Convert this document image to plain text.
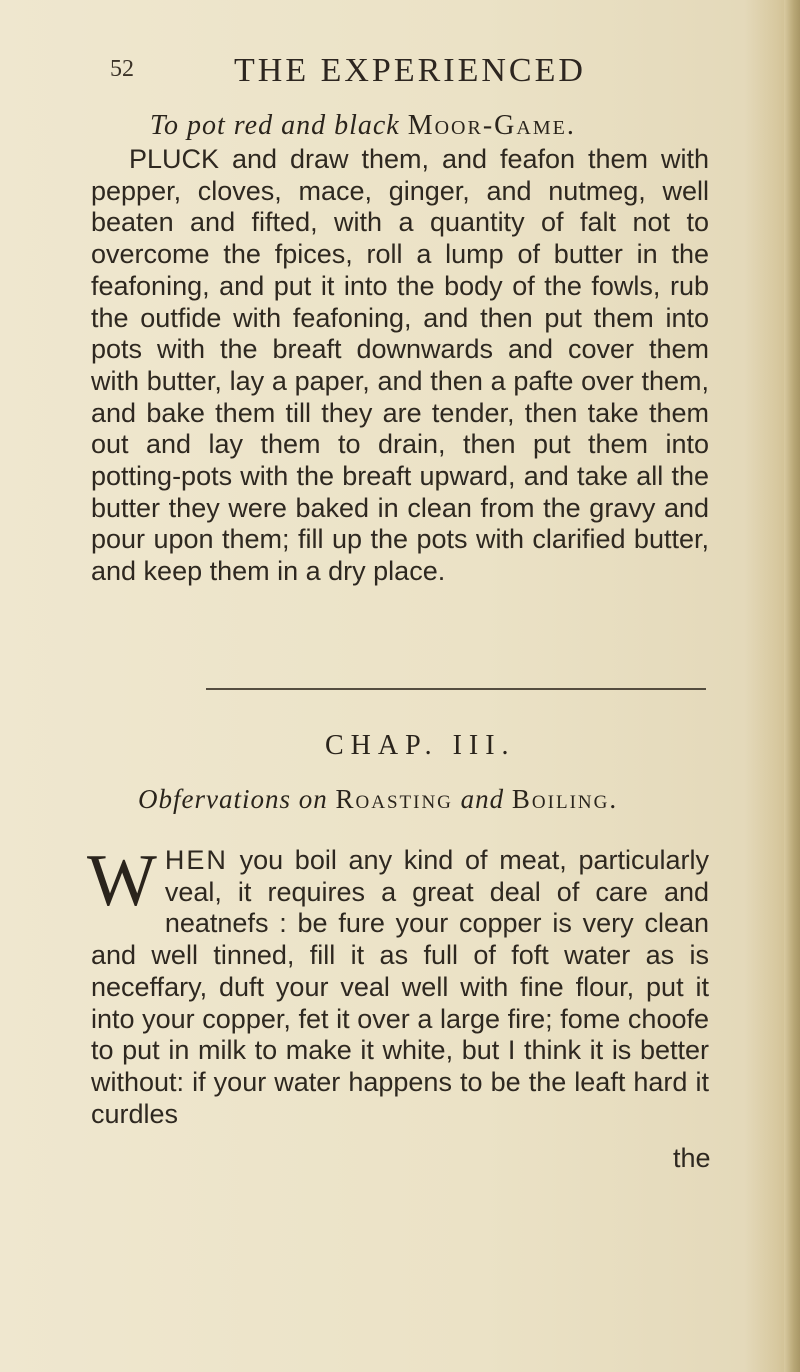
52	THE EXPERIENCED
To pot red and black Moor-Game.
PLUCK and draw them, and feafon them with pepper, cloves, mace, ginger, and nutmeg, well beaten and fifted, with a quantity of falt not to overcome the fpices, roll a lump of butter in the feafoning, and put it into the body of the fowls, rub the outfide with feafoning, and then put them into pots with the breaft downwards and cover them with butter, lay a paper, and then a pafte over them, and bake them till they are tender, then take them out and lay them to drain, then put them into potting-pots with the breaft upward, and take all the butter they were baked in clean from the gravy and pour upon them; fill up the pots with clarified butter, and keep them in a dry place.
CHAP. III.
Obfervations on Roasting and Boiling.
WHEN you boil any kind of meat, particularly veal, it requires a great deal of care and neatnefs : be fure your copper is very clean and well tinned, fill it as full of foft water as is neceffary, duft your veal well with fine flour, put it into your copper, fet it over a large fire; fome choofe to put in milk to make it white, but I think it is better without: if your water happens to be the leaft hard it curdles
the
